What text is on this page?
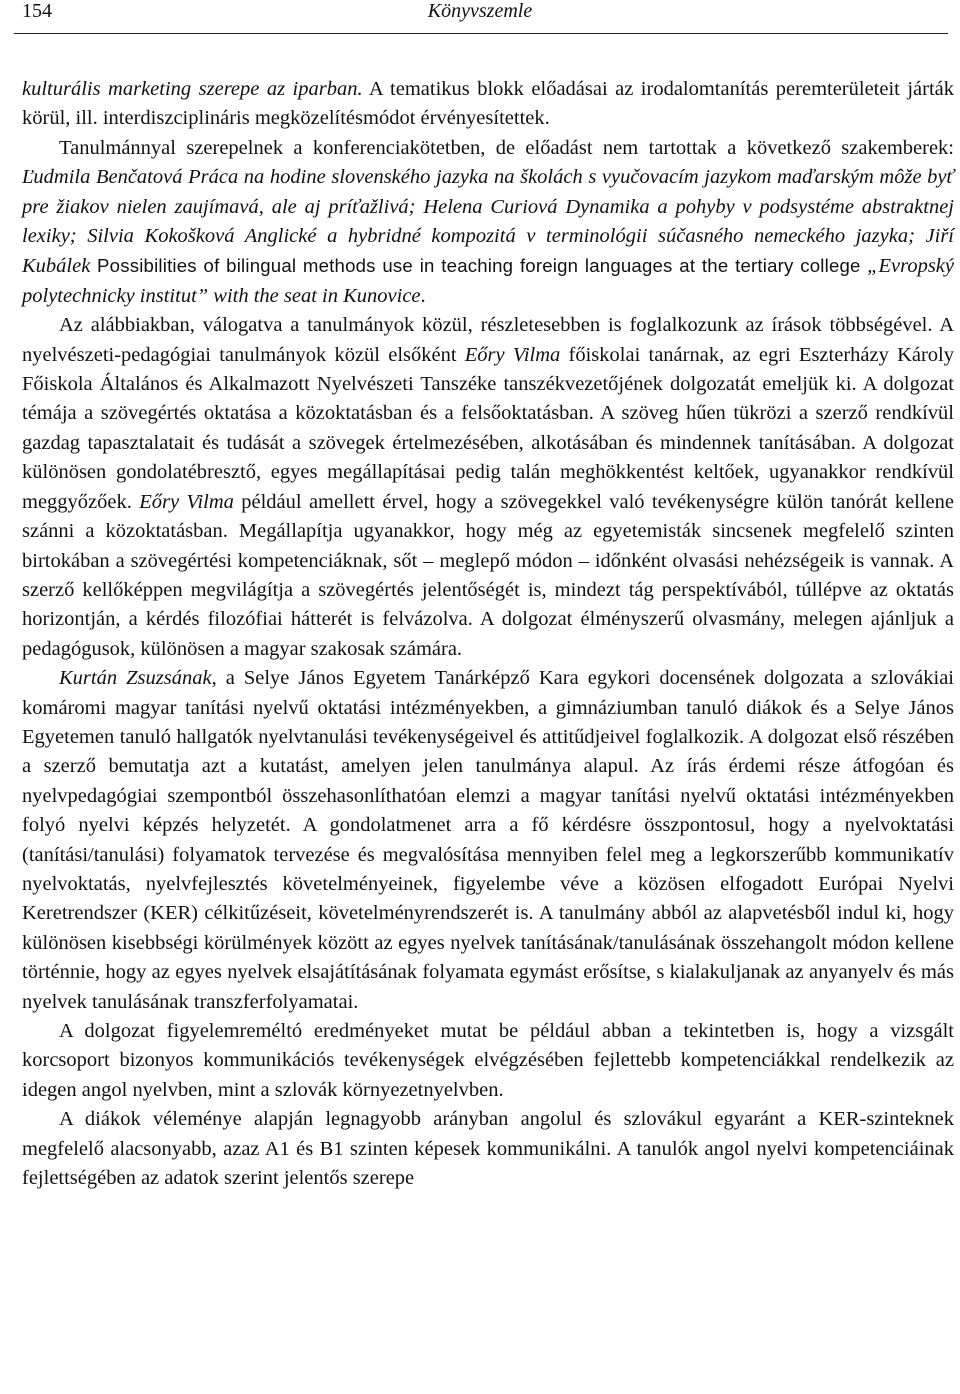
154	Könyvszemle

kulturális marketing szerepe az iparban. A tematikus blokk előadásai az irodalomtanítás peremterületeit járták körül, ill. interdiszciplináris megközelítésmódot érvényesítettek.

Tanulmánnyal szerepelnek a konferenciakötetben, de előadást nem tartottak a következő szakemberek: Ľudmila Benčatová Práca na hodine slovenského jazyka na školách s vyučovacím jazykom maďarským môže byť pre žiakov nielen zaujímavá, ale aj príťažlivá; Helena Curiová Dynamika a pohyby v podsystéme abstraktnej lexiky; Silvia Kokošková Anglické a hybridné kompozitá v terminológii súčasného nemeckého jazyka; Jiří Kubálek Possibilities of bilingual methods use in teaching foreign languages at the tertiary college „Evropský polytechnicky institut” with the seat in Kunovice.

Az alábbiakban, válogatva a tanulmányok közül, részletesebben is foglalkozunk az írások többségével. A nyelvészeti-pedagógiai tanulmányok közül elsőként Eőry Vilma főiskolai tanárnak, az egri Eszterházy Károly Főiskola Általános és Alkalmazott Nyelvészeti Tanszéke tanszékvezetőjének dolgozatát emeljük ki. A dolgozat témája a szövegértés oktatása a közoktatásban és a felsőoktatásban. A szöveg hűen tükrözi a szerző rendkívül gazdag tapasztalatait és tudását a szövegek értelmezésében, alkotásában és mindennek tanításában. A dolgozat különösen gondolatébresztő, egyes megállapításai pedig talán meghökkentést keltőek, ugyanakkor rendkívül meggyőzőek. Eőry Vilma például amellett érvel, hogy a szövegekkel való tevékenységre külön tanórát kellene szánni a közoktatásban. Megállapítja ugyanakkor, hogy még az egyetemisták sincsenek megfelelő szinten birtokában a szövegértési kompetenciáknak, sőt – meglepő módon – időnként olvasási nehézségeik is vannak. A szerző kellőképpen megvilágítja a szövegértés jelentőségét is, mindezt tág perspektívából, túllépve az oktatás horizontján, a kérdés filozófiai hátterét is felvázolva. A dolgozat élményszerű olvasmány, melegen ajánljuk a pedagógusok, különösen a magyar szakosak számára.

Kurtán Zsuzsának, a Selye János Egyetem Tanárképző Kara egykori docensének dolgozata a szlovákiai komáromi magyar tanítási nyelvű oktatási intézményekben, a gimnáziumban tanuló diákok és a Selye János Egyetemen tanuló hallgatók nyelvtanulási tevékenységeivel és attitűdjeivel foglalkozik. A dolgozat első részében a szerző bemutatja azt a kutatást, amelyen jelen tanulmánya alapul. Az írás érdemi része átfogóan és nyelvpedagógiai szempontból összehasonlíthatóan elemzi a magyar tanítási nyelvű oktatási intézményekben folyó nyelvi képzés helyzetét. A gondolatmenet arra a fő kérdésre összpontosul, hogy a nyelvoktatási (tanítási/tanulási) folyamatok tervezése és megvalósítása mennyiben felel meg a legkorszerűbb kommunikatív nyelvoktatás, nyelvfejlesztés követelményeinek, figyelembe véve a közösen elfogadott Európai Nyelvi Keretrendszer (KER) célkitűzéseit, követelményrendszerét is. A tanulmány abból az alapvetésből indul ki, hogy különösen kisebbségi körülmények között az egyes nyelvek tanításának/tanulásának összehangolt módon kellene történnie, hogy az egyes nyelvek elsajátításának folyamata egymást erősítse, s kialakuljanak az anyanyelv és más nyelvek tanulásának transzferfolyamatai.

A dolgozat figyelemreméltó eredményeket mutat be például abban a tekintetben is, hogy a vizsgált korcsoport bizonyos kommunikációs tevékenységek elvégzésében fejlettebb kompetenciákkal rendelkezik az idegen angol nyelvben, mint a szlovák környezetnyelvben.

A diákok véleménye alapján legnagyobb arányban angolul és szlovákul egyaránt a KER-szinteknek megfelelő alacsonyabb, azaz A1 és B1 szinten képesek kommunikálni. A tanulók angol nyelvi kompetenciáinak fejlettségében az adatok szerint jelentős szerepe
